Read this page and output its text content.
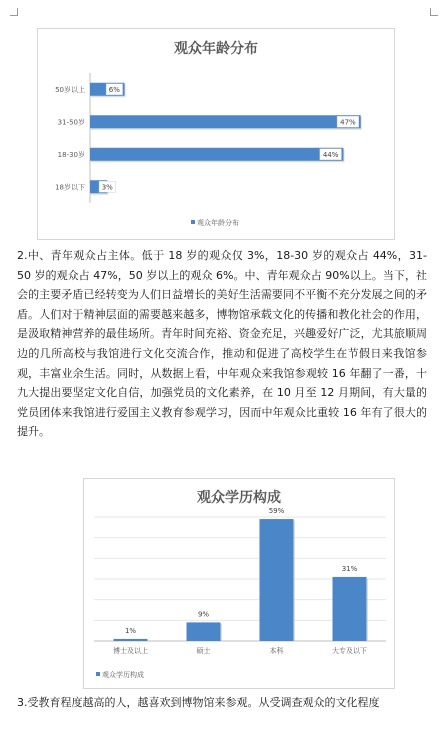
观众年龄分布
18岁以下 3%
18-30岁	44%
31-50岁	47%
50岁以上	6%
观众年龄分布
2.中、青年观众占主体。低于 18 岁的观众仅 3%，18-30 岁的观众占 44%，31-50 岁的观众占 47%，50 岁以上的观众 6%。中、青年观众占 90%以上。当下，社会的主要矛盾已经转变为人们日益增长的美好生活需要同不平衡不充分发展之间的矛盾。人们对于精神层面的需要越来越多，博物馆承载文化的传播和教化社会的作用，是汲取精神营养的最佳场所。青年时间充裕、资金充足，兴趣爱好广泛，尤其旅顺周边的几所高校与我馆进行文化交流合作，推动和促进了高校学生在节假日来我馆参观，丰富业余生活。同时，从数据上看，中年观众来我馆参观较 16 年翻了一番，十九大提出要坚定文化自信，加强党员的文化素养，在 10 月至 12 月期间，有大量的党员团体来我馆进行爱国主义教育参观学习，因而中年观众比重较 16 年有了很大的提升。
观众学历构成
1%
博士及以上
9%
硕士
59%
本科
31%
大专及以下
观众学历构成
3.受教育程度越高的人，越喜欢到博物馆来参观。从受调查观众的文化程度
